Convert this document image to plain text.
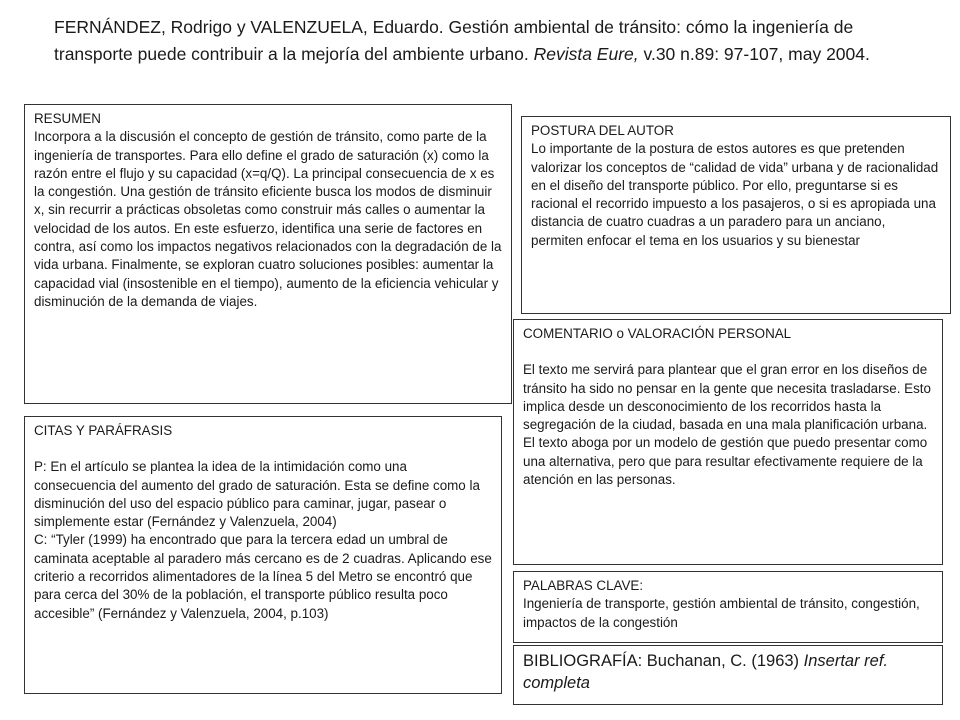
FERNÁNDEZ, Rodrigo y VALENZUELA, Eduardo. Gestión ambiental de tránsito: cómo la ingeniería de transporte puede contribuir a la mejoría del ambiente urbano. Revista Eure, v.30 n.89: 97-107, may 2004.
RESUMEN

Incorpora a la discusión el concepto de gestión de tránsito, como parte de la ingeniería de transportes. Para ello define el grado de saturación (x) como la razón entre el flujo y su capacidad (x=q/Q). La principal consecuencia de x es la congestión. Una gestión de tránsito eficiente busca los modos de disminuir x, sin recurrir a prácticas obsoletas como construir más calles o aumentar la velocidad de los autos. En este esfuerzo, identifica una serie de factores en contra, así como los impactos negativos relacionados con la degradación de la vida urbana. Finalmente, se exploran cuatro soluciones posibles: aumentar la capacidad vial (insostenible en el tiempo), aumento de la eficiencia vehicular y disminución de la demanda de viajes.

CITAS Y PARÁFRASIS

P: En el artículo se plantea la idea de la intimidación como una consecuencia del aumento del grado de saturación. Esta se define como la disminución del uso del espacio público para caminar, jugar, pasear o simplemente estar (Fernández y Valenzuela, 2004)

C: “Tyler (1999) ha encontrado que para la tercera edad un umbral de caminata aceptable al paradero más cercano es de 2 cuadras. Aplicando ese criterio a recorridos alimentadores de la línea 5 del Metro se encontró que para cerca del 30% de la población, el transporte público resulta poco accesible” (Fernández y Valenzuela, 2004, p.103)

POSTURA DEL AUTOR

Lo importante de la postura de estos autores es que pretenden valorizar los conceptos de “calidad de vida” urbana y de racionalidad en el diseño del transporte público. Por ello, preguntarse si es racional el recorrido impuesto a los pasajeros, o si es apropiada una distancia de cuatro cuadras a un paradero para un anciano, permiten enfocar el tema en los usuarios y su bienestar

COMENTARIO o VALORACIÓN PERSONAL

El texto me servirá para plantear que el gran error en los diseños de tránsito ha sido no pensar en la gente que necesita trasladarse. Esto implica desde un desconocimiento de los recorridos hasta la segregación de la ciudad, basada en una mala planificación urbana. El texto aboga por un modelo de gestión que puedo presentar como una alternativa, pero que para resultar efectivamente requiere de la atención en las personas.

PALABRAS CLAVE:

Ingeniería de transporte, gestión ambiental de tránsito, congestión, impactos de la congestión

BIBLIOGRAFÍA: Buchanan, C. (1963) Insertar ref. completa
